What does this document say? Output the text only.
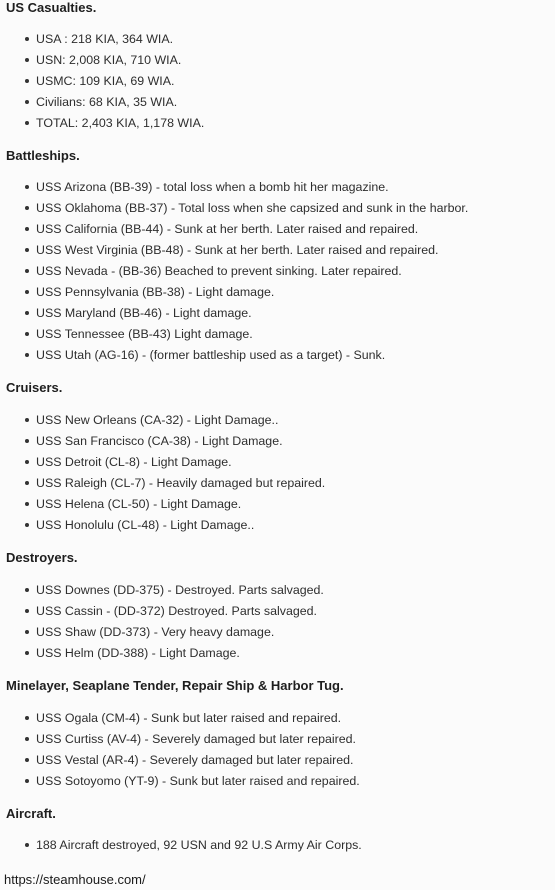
US Casualties.
USA : 218 KIA, 364 WIA.
USN: 2,008 KIA, 710 WIA.
USMC: 109 KIA, 69 WIA.
Civilians: 68 KIA, 35 WIA.
TOTAL: 2,403 KIA, 1,178 WIA.
Battleships.
USS Arizona (BB-39) - total loss when a bomb hit her magazine.
USS Oklahoma (BB-37) - Total loss when she capsized and sunk in the harbor.
USS California (BB-44) - Sunk at her berth. Later raised and repaired.
USS West Virginia (BB-48) - Sunk at her berth. Later raised and repaired.
USS Nevada - (BB-36) Beached to prevent sinking. Later repaired.
USS Pennsylvania (BB-38) - Light damage.
USS Maryland (BB-46) - Light damage.
USS Tennessee (BB-43) Light damage.
USS Utah (AG-16) - (former battleship used as a target) - Sunk.
Cruisers.
USS New Orleans (CA-32) - Light Damage..
USS San Francisco (CA-38) - Light Damage.
USS Detroit (CL-8) - Light Damage.
USS Raleigh (CL-7) - Heavily damaged but repaired.
USS Helena (CL-50) - Light Damage.
USS Honolulu (CL-48) - Light Damage..
Destroyers.
USS Downes (DD-375) - Destroyed. Parts salvaged.
USS Cassin - (DD-372) Destroyed. Parts salvaged.
USS Shaw (DD-373) - Very heavy damage.
USS Helm (DD-388) - Light Damage.
Minelayer, Seaplane Tender, Repair Ship & Harbor Tug.
USS Ogala (CM-4) - Sunk but later raised and repaired.
USS Curtiss (AV-4) - Severely damaged but later repaired.
USS Vestal (AR-4) - Severely damaged but later repaired.
USS Sotoyomo (YT-9) - Sunk but later raised and repaired.
Aircraft.
188 Aircraft destroyed, 92 USN and 92 U.S Army Air Corps.
https://steamhouse.com/
